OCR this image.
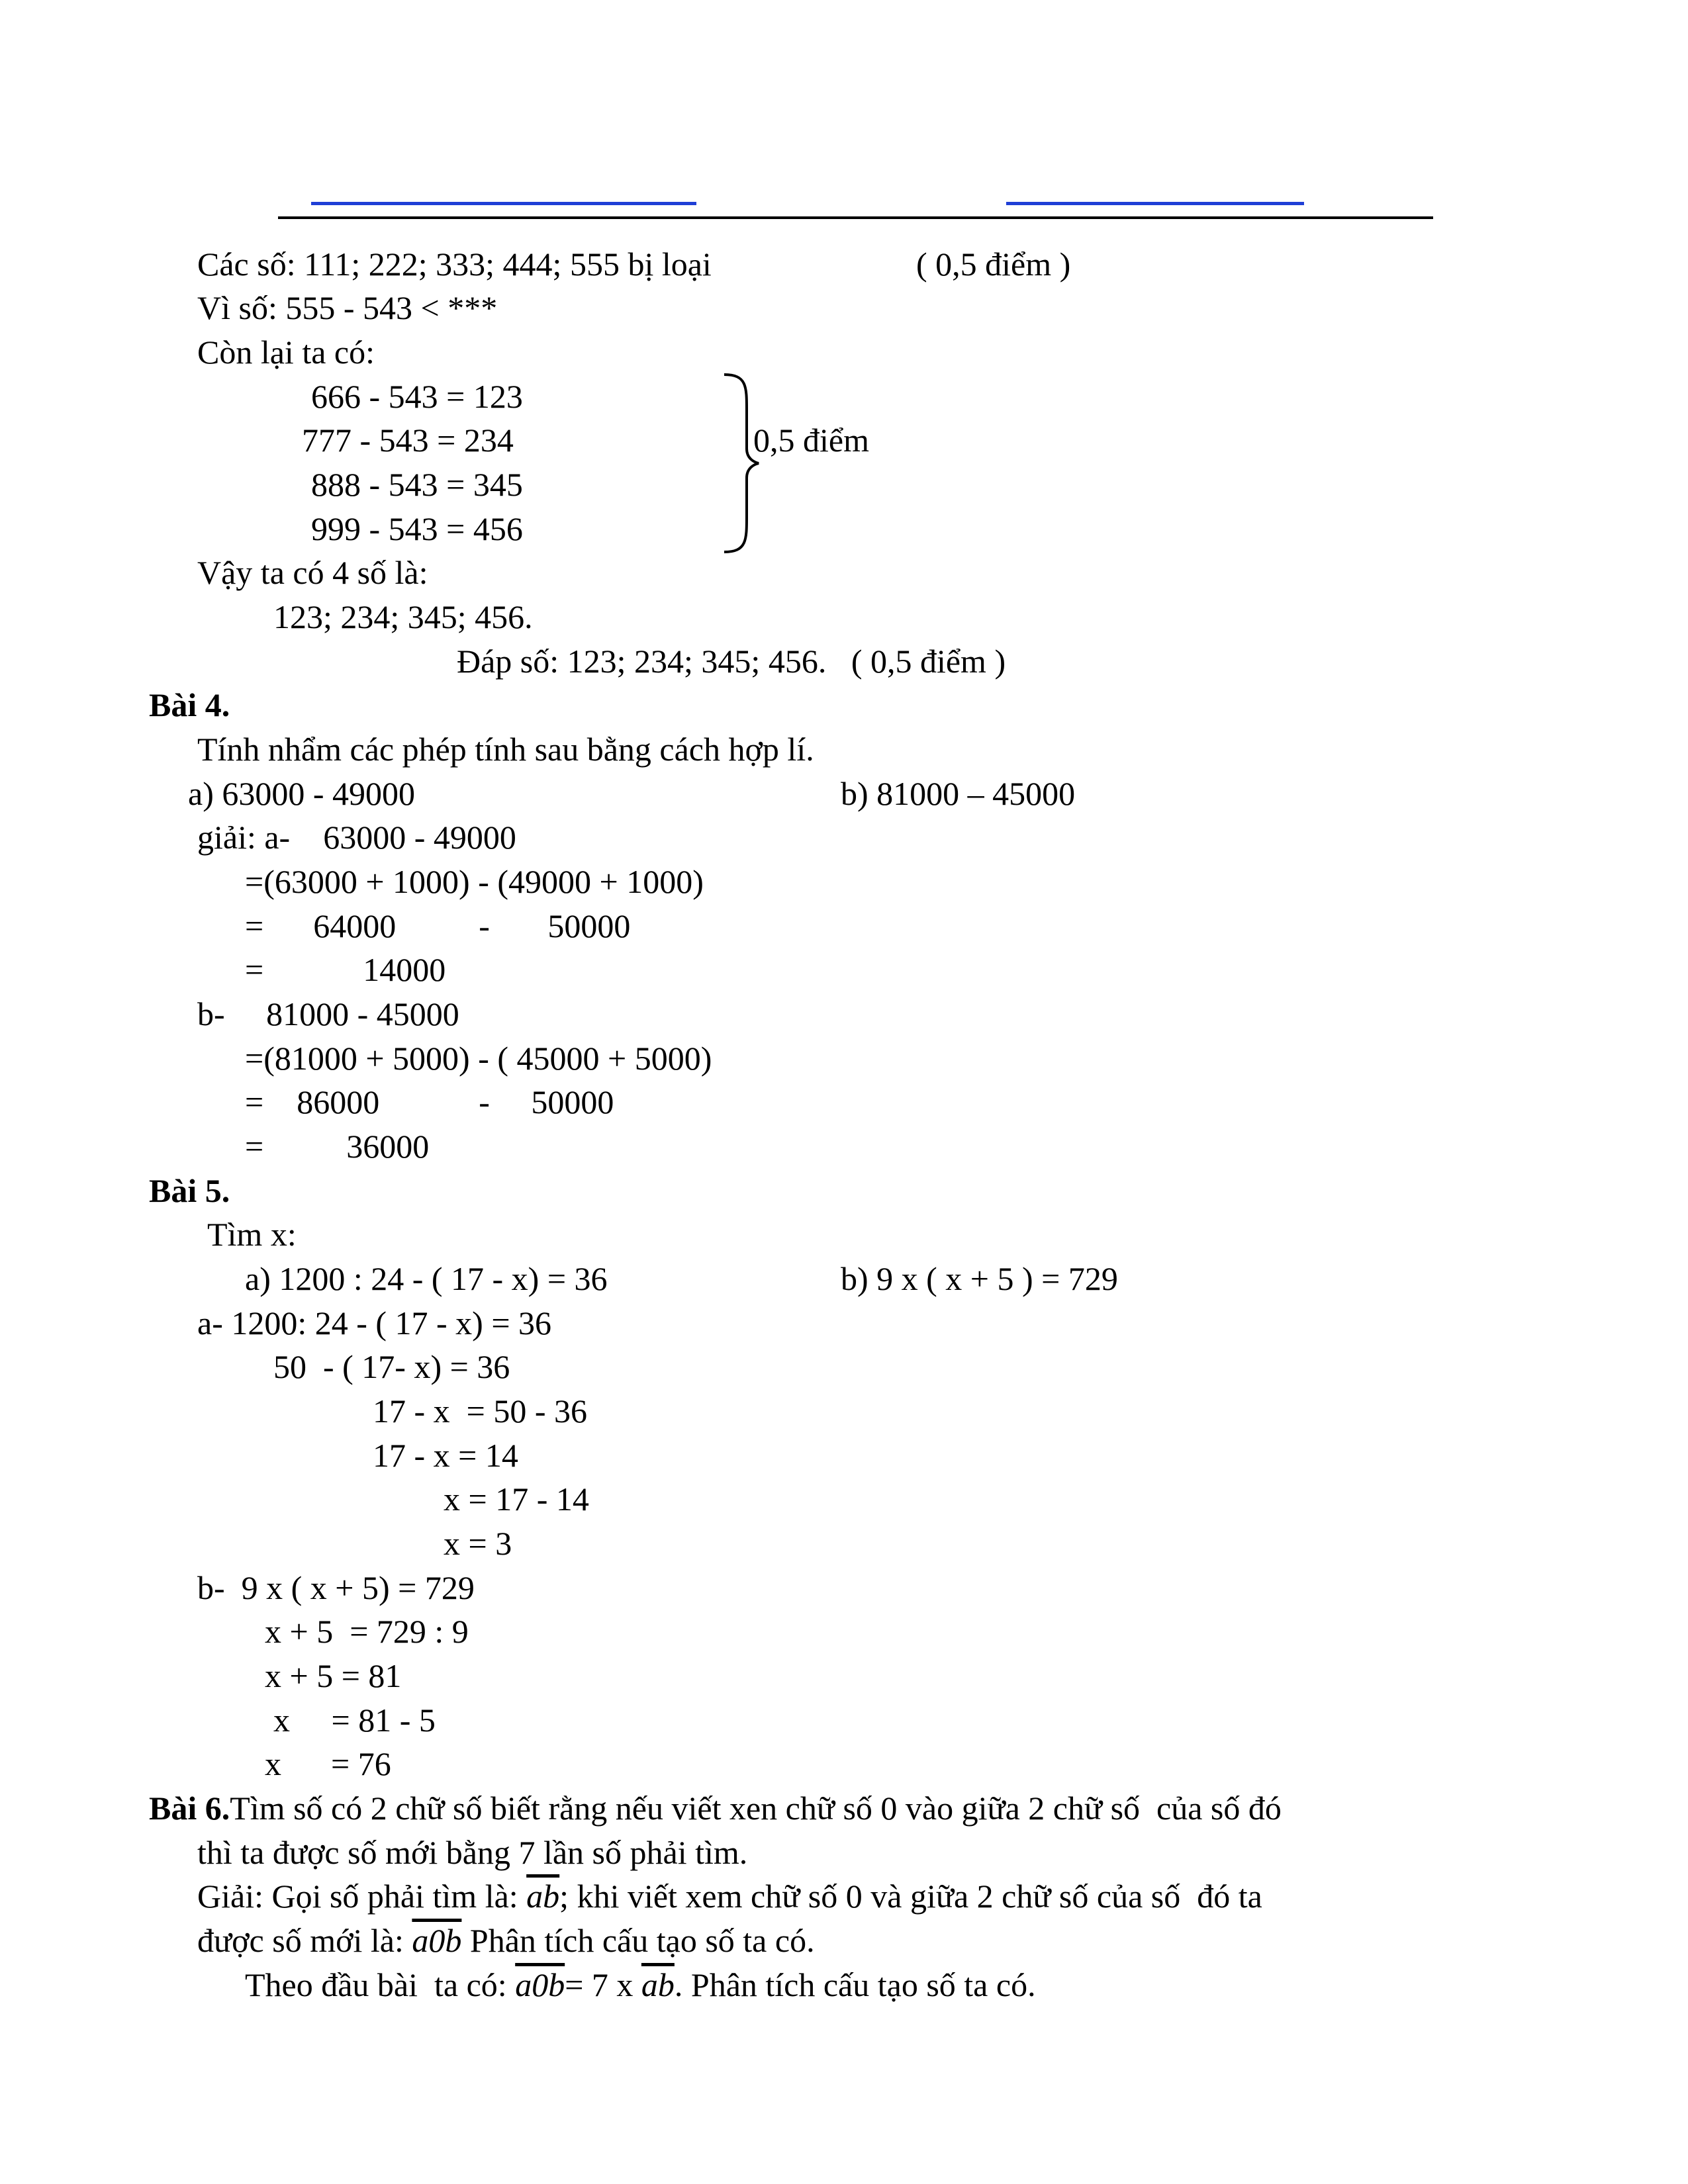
Các số: 111; 222; 333; 444; 555 bị loại	( 0,5 điểm )
Vì số: 555 - 543 < ***
Còn lại ta có:
666 - 543 = 123
777 - 543 = 234
888 - 543 = 345
999 - 543 = 456
0,5 điểm
Vậy ta có 4 số là:
123; 234; 345; 456.
Đáp số: 123; 234; 345; 456.   ( 0,5 điểm )
Bài 4.
Tính nhẩm các phép tính sau bằng cách hợp lí.
a) 63000 - 49000	b) 81000 – 45000
giải: a-    63000 - 49000
=(63000 + 1000) - (49000 + 1000)
=      64000          -       50000
=            14000
b-     81000 - 45000
=(81000 + 5000) - ( 45000 + 5000)
=    86000            -     50000
=          36000
Bài 5.
Tìm x:
a) 1200 : 24 - ( 17 - x) = 36	b) 9 x ( x + 5 ) = 729
a- 1200: 24 - ( 17 - x) = 36
50  - ( 17- x) = 36
17 - x  = 50 - 36
17 - x = 14
x = 17 - 14
x = 3
b-  9 x ( x + 5) = 729
x + 5  = 729 : 9
x + 5 = 81
x     = 81 - 5
x      = 76
Bài 6.Tìm số có 2 chữ số biết rằng nếu viết xen chữ số 0 vào giữa 2 chữ số  của số đó
thì ta được số mới bằng 7 lần số phải tìm.
Giải: Gọi số phải tìm là: $\overline{ab}$; khi viết xem chữ số 0 và giữa 2 chữ số của số  đó ta
được số mới là: a0b Phân tích cấu tạo số ta có.
Theo đầu bài  ta có: a0b= 7 x $\overline{ab}$. Phân tích cấu tạo số ta có.
